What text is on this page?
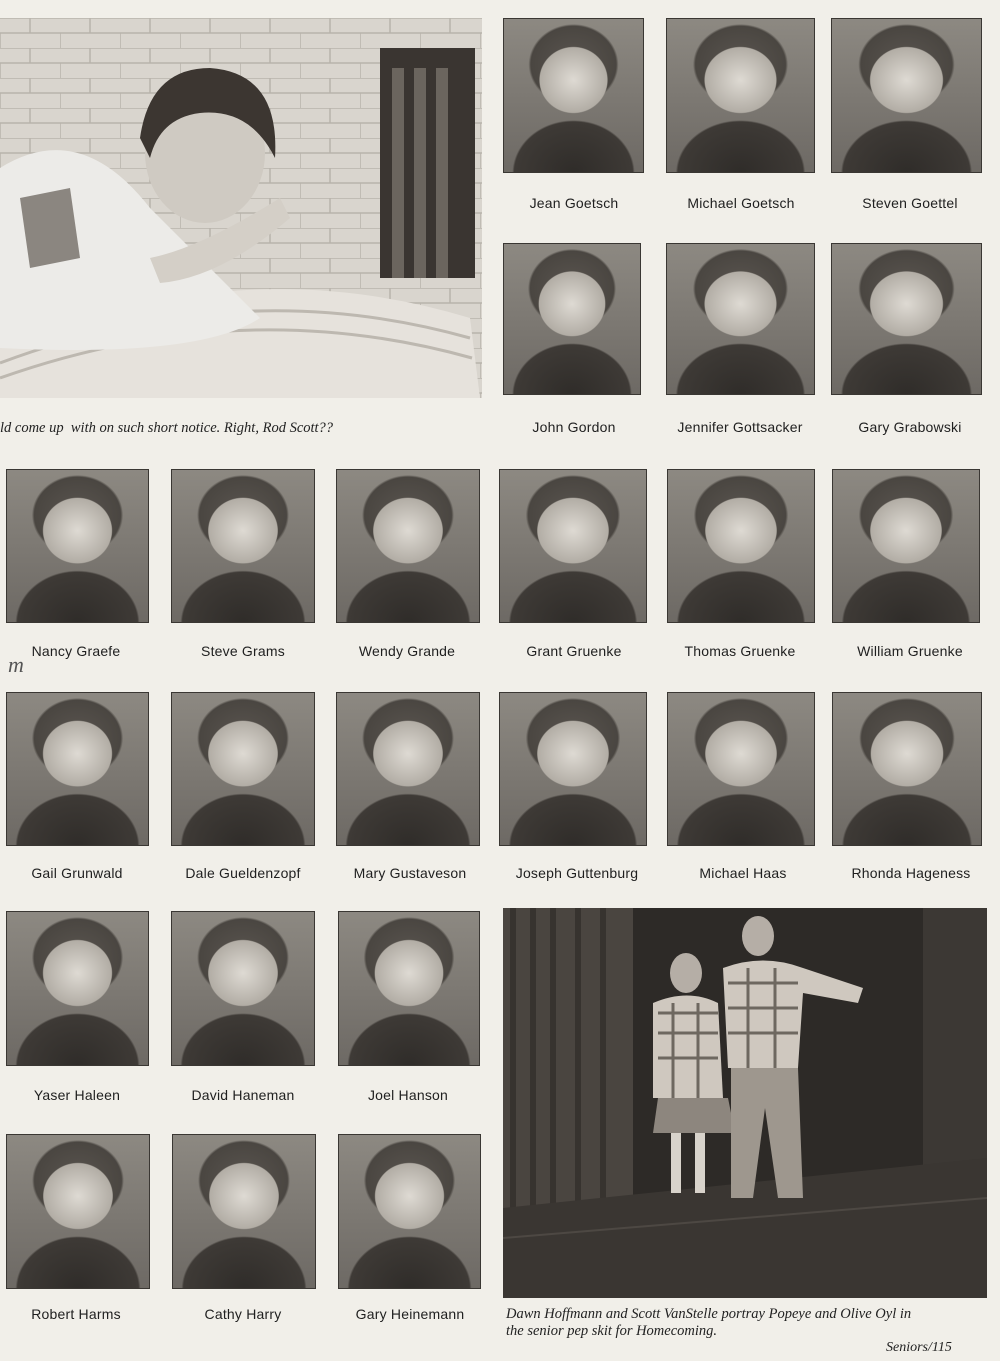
ld come up  with on such short notice. Right, Rod Scott??
Jean Goetsch	Michael Goetsch	Steven Goettel
John Gordon	Jennifer Gottsacker	Gary Grabowski
Nancy Graefe	Steve Grams	Wendy Grande	Grant Gruenke	Thomas Gruenke	William Gruenke
Gail Grunwald	Dale Gueldenzopf	Mary Gustaveson	Joseph Guttenburg	Michael Haas	Rhonda Hageness
Yaser Haleen	David Haneman	Joel Hanson
Robert Harms	Cathy Harry	Gary Heinemann
m
Dawn Hoffmann and Scott VanStelle portray Popeye and Olive Oyl in
the senior pep skit for Homecoming.
Seniors/115
